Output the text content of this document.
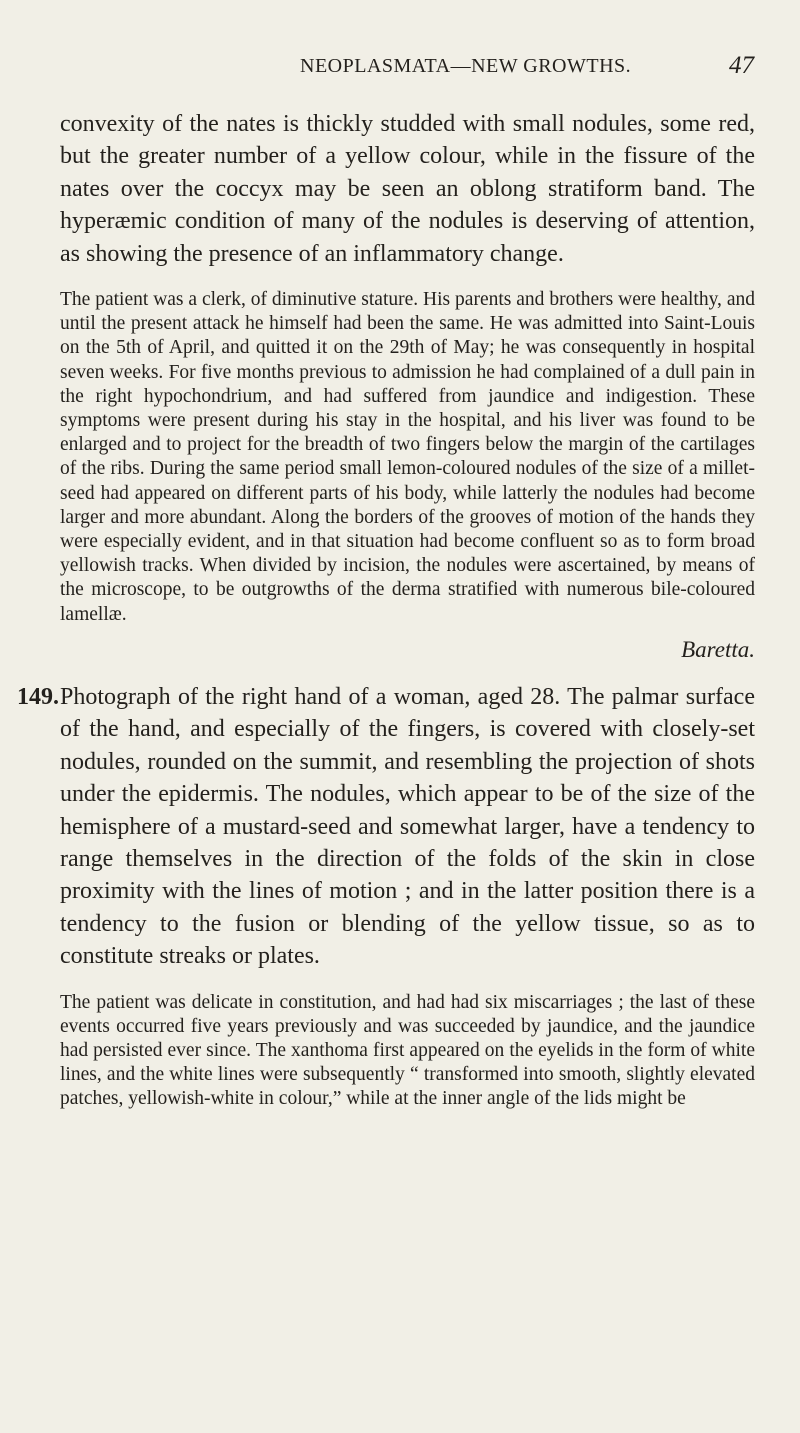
NEOPLASMATA—NEW GROWTHS.	47

convexity of the nates is thickly studded with small nodules, some red, but the greater number of a yellow colour, while in the fissure of the nates over the coccyx may be seen an oblong stratiform band. The hyperæmic condition of many of the nodules is deserving of attention, as showing the presence of an inflammatory change.

The patient was a clerk, of diminutive stature. His parents and brothers were healthy, and until the present attack he himself had been the same. He was admitted into Saint-Louis on the 5th of April, and quitted it on the 29th of May; he was consequently in hospital seven weeks. For five months previous to admission he had complained of a dull pain in the right hypochondrium, and had suffered from jaundice and indigestion. These symptoms were present during his stay in the hospital, and his liver was found to be enlarged and to project for the breadth of two fingers below the margin of the cartilages of the ribs. During the same period small lemon-coloured nodules of the size of a millet-seed had appeared on different parts of his body, while latterly the nodules had become larger and more abundant. Along the borders of the grooves of motion of the hands they were especially evident, and in that situation had become confluent so as to form broad yellowish tracks. When divided by incision, the nodules were ascertained, by means of the microscope, to be outgrowths of the derma stratified with numerous bile-coloured lamellæ.

Baretta.
149. Photograph of the right hand of a woman, aged 28. The palmar surface of the hand, and especially of the fingers, is covered with closely-set nodules, rounded on the summit, and resembling the projection of shots under the epidermis. The nodules, which appear to be of the size of the hemisphere of a mustard-seed and somewhat larger, have a tendency to range themselves in the direction of the folds of the skin in close proximity with the lines of motion ; and in the latter position there is a tendency to the fusion or blending of the yellow tissue, so as to constitute streaks or plates.

The patient was delicate in constitution, and had had six miscarriages ; the last of these events occurred five years previously and was succeeded by jaundice, and the jaundice had persisted ever since. The xanthoma first appeared on the eyelids in the form of white lines, and the white lines were subsequently “ transformed into smooth, slightly elevated patches, yellowish-white in colour,” while at the inner angle of the lids might be
